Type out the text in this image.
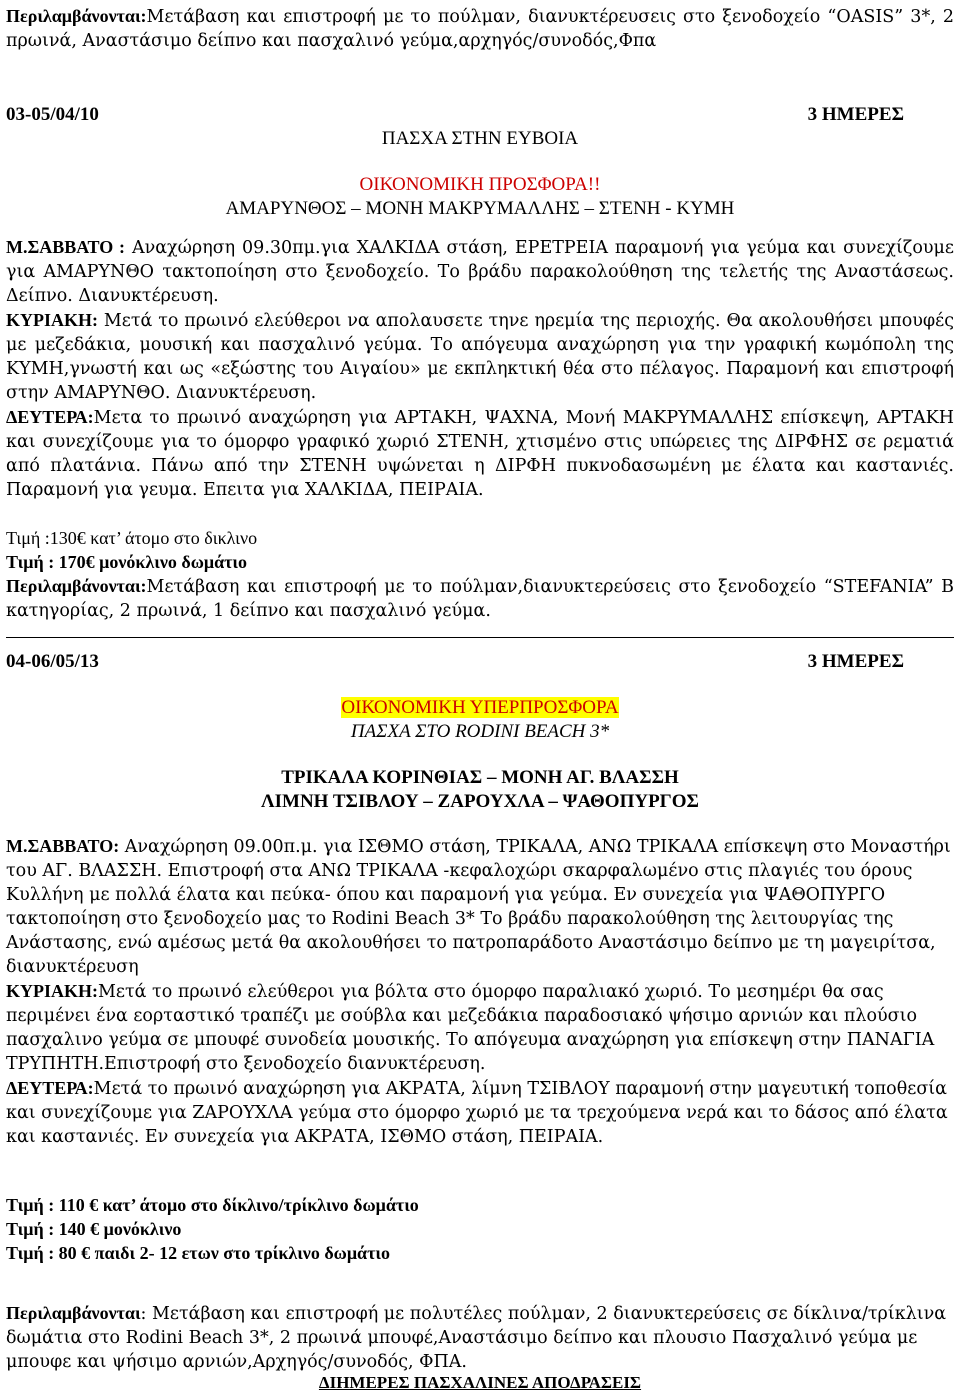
Περιλαμβάνονται:Μετάβαση και επιστροφή με το πούλμαν, διανυκτέρευσεις στο ξενοδοχείο “OASIS” 3*, 2 πρωινά, Αναστάσιμο δείπνο και πασχαλινό γεύμα,αρχηγός/συνοδός,Φπα

03-05/04/10	3 ΗΜΕΡΕΣ

ΠΑΣΧΑ ΣΤΗΝ ΕΥΒΟΙΑ

ΟΙΚΟΝΟΜΙΚΗ ΠΡΟΣΦΟΡΑ!!

ΑΜΑΡΥΝΘΟΣ – ΜΟΝΗ ΜΑΚΡΥΜΑΛΛΗΣ – ΣΤΕΝΗ - ΚΥΜΗ

Μ.ΣΑΒΒΑΤΟ : Αναχώρηση 09.30πμ.για ΧΑΛΚΙΔΑ στάση, ΕΡΕΤΡΕΙΑ παραμονή για γεύμα και συνεχίζουμε για ΑΜΑΡΥΝΘΟ τακτοποίηση στο ξενοδοχείο. Το βράδυ παρακολούθηση της τελετής της Αναστάσεως. Δείπνο. Διανυκτέρευση.

ΚΥΡΙΑΚΗ: Μετά το πρωινό ελεύθεροι να απολαυσετε τηνε ηρεμία της περιοχής. Θα ακολουθήσει μπουφές με μεζεδάκια, μουσική και πασχαλινό γεύμα. Το απόγευμα αναχώρηση για την γραφική κωμόπολη της ΚΥΜΗ,γνωστή και ως «εξώστης του Αιγαίου» με εκπληκτική θέα στο πέλαγος. Παραμονή και επιστροφή στην ΑΜΑΡΥΝΘΟ. Διανυκτέρευση.

ΔΕΥΤΕΡΑ:Μετα το πρωινό αναχώρηση για ΑΡΤΑΚΗ, ΨΑΧΝΑ, Μονή ΜΑΚΡΥΜΑΛΛΗΣ επίσκεψη, ΑΡΤΑΚΗ και συνεχίζουμε για το όμορφο γραφικό χωριό ΣΤΕΝΗ, χτισμένο στις υπώρειες της ΔΙΡΦΗΣ σε ρεματιά από πλατάνια. Πάνω από την ΣΤΕΝΗ υψώνεται η ΔΙΡΦΗ πυκνοδασωμένη με έλατα και καστανιές. Παραμονή για γευμα. Επειτα για ΧΑΛΚΙΔΑ, ΠΕΙΡΑΙΑ.

Τιμή :130€ κατ’ άτομο στο δικλινο

Τιμή : 170€ μονόκλινο δωμάτιο

Περιλαμβάνονται:Μετάβαση και επιστροφή με το πούλμαν,διανυκτερεύσεις στο ξενοδοχείο “STEFANIA” Β κατηγορίας, 2 πρωινά, 1 δείπνο και πασχαλινό γεύμα.

04-06/05/13	3 ΗΜΕΡΕΣ

ΟΙΚΟΝΟΜΙΚΗ ΥΠΕΡΠΡΟΣΦΟΡΑ

ΠΑΣΧΑ ΣΤΟ RODINI BEACH 3*

ΤΡΙΚΑΛΑ ΚΟΡΙΝΘΙΑΣ – ΜΟΝΗ ΑΓ. ΒΛΑΣΣΗ

ΛΙΜΝΗ ΤΣΙΒΛΟΥ – ΖΑΡΟΥΧΛΑ – ΨΑΘΟΠΥΡΓΟΣ

Μ.ΣΑΒΒΑΤΟ: Αναχώρηση 09.00π.μ. για ΙΣΘΜΟ στάση, ΤΡΙΚΑΛΑ, ΑΝΩ ΤΡΙΚΑΛΑ επίσκεψη στο Μοναστήρι του ΑΓ. ΒΛΑΣΣΗ. Επιστροφή στα ΑΝΩ ΤΡΙΚΑΛΑ -κεφαλοχώρι σκαρφαλωμένο στις πλαγιές του όρους Κυλλήνη με πολλά έλατα και πεύκα- όπου και παραμονή για γεύμα. Εν συνεχεία για ΨΑΘΟΠΥΡΓΟ τακτοποίηση στο ξενοδοχείο μας το Rodini Beach 3* Το βράδυ παρακολούθηση της λειτουργίας της Ανάστασης, ενώ αμέσως μετά θα ακολουθήσει το πατροπαράδοτο Αναστάσιμο δείπνο με τη μαγειρίτσα, διανυκτέρευση

ΚΥΡΙΑΚΗ:Μετά το πρωινό ελεύθεροι για βόλτα στο όμορφο παραλιακό χωριό. Το μεσημέρι θα σας περιμένει ένα εορταστικό τραπέζι με σούβλα και μεζεδάκια παραδοσιακό ψήσιμο αρνιών και πλούσιο πασχαλινο γεύμα σε μπουφέ συνοδεία μουσικής. Το απόγευμα αναχώρηση για επίσκεψη στην ΠΑΝΑΓΙΑ ΤΡΥΠΗΤΗ.Επιστροφή στο ξενοδοχείο διανυκτέρευση.

ΔΕΥΤΕΡΑ:Μετά το πρωινό αναχώρηση για ΑΚΡΑΤΑ, λίμνη ΤΣΙΒΛΟΥ παραμονή στην μαγευτική τοποθεσία και συνεχίζουμε για ΖΑΡΟΥΧΛΑ γεύμα στο όμορφο χωριό με τα τρεχούμενα νερά και το δάσος από έλατα και καστανιές. Εν συνεχεία για ΑΚΡΑΤΑ, ΙΣΘΜΟ στάση, ΠΕΙΡΑΙΑ.

Τιμή : 110 € κατ’ άτομο στο δίκλινο/τρίκλινο δωμάτιο

Τιμή : 140 € μονόκλινο

Τιμή : 80 € παιδι 2- 12 ετων στο τρίκλινο δωμάτιο

Περιλαμβάνονται: Μετάβαση και επιστροφή με πολυτέλες πούλμαν, 2 διανυκτερεύσεις σε δίκλινα/τρίκλινα δωμάτια στο Rodini Beach 3*, 2 πρωινά μπουφέ,Αναστάσιμο δείπνο και πλουσιο Πασχαλινό γεύμα με μπουφε και ψήσιμο αρνιών,Αρχηγός/συνοδός, ΦΠΑ.

ΔΙΗΜΕΡΕΣ ΠΑΣΧΑΛΙΝΕΣ ΑΠΟΔΡΑΣΕΙΣ
